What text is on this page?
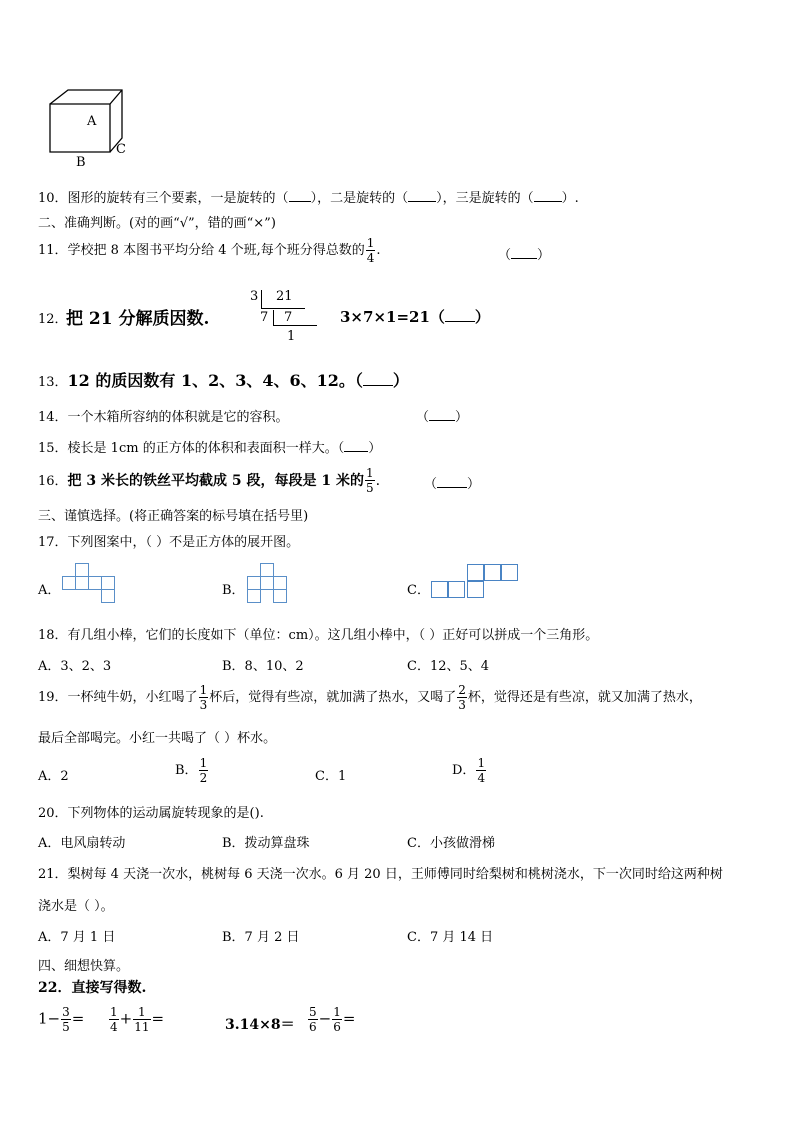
A
B
C
10．图形的旋转有三个要素，一是旋转的（ ），二是旋转的（ ），三是旋转的（ ）.
二、准确判断。(对的画“√”，错的画“×”)
11．学校把 8 本图书平均分给 4 个班,每个班分得总数的 $\frac{1}{4}$ .	（ ）
12．
把 21 分解质因数.
3 21
7 7
1
3×7×1=21（ ）
13．12 的质因数有 1、2、3、4、6、12。（ ）
14．一个木箱所容纳的体积就是它的容积。	（ ）
15．棱长是 1cm 的正方体的体积和表面积一样大。（ ）
16．把 3 米长的铁丝平均截成 5 段，每段是 1 米的 $\frac{1}{5}$ .	（ ）
三、谨慎选择。(将正确答案的标号填在括号里)
17．下列图案中，（ ）不是正方体的展开图。
A．	B．	C．
18．有几组小棒，它们的长度如下（单位：cm）。这几组小棒中，（ ）正好可以拼成一个三角形。
A．3、2、3	B．8、10、2	C．12、5、4
19．一杯纯牛奶，小红喝了 $\frac{1}{3}$ 杯后，觉得有些凉，就加满了热水，又喝了 $\frac{2}{3}$ 杯，觉得还是有些凉，就又加满了热水，
最后全部喝完。小红一共喝了（ ）杯水。
A．2	B． $\frac{1}{2}$	C．1	D． $\frac{1}{4}$
20．下列物体的运动属旋转现象的是().
A．电风扇转动	B．拨动算盘珠	C．小孩做滑梯
21．梨树每 4 天浇一次水，桃树每 6 天浇一次水。6 月 20 日，王师傅同时给梨树和桃树浇水，下一次同时给这两种树
浇水是（ ）。
A．7 月 1 日	B．7 月 2 日	C．7 月 14 日
四、细想快算。
22．直接写得数.
$1- \frac{3}{5} = \frac{1}{4} + \frac{1}{11}$ =	$3.14\times 8= \frac{5}{6} - \frac{1}{6}$ =
